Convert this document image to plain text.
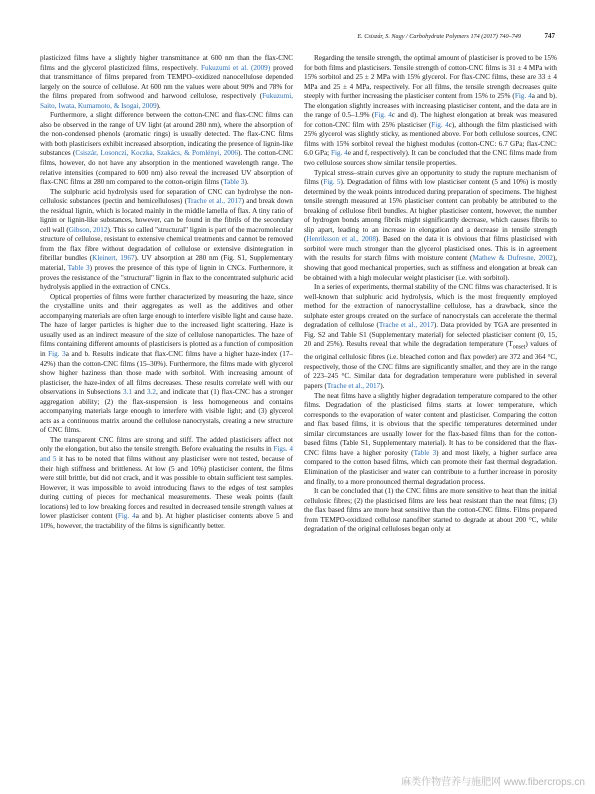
E. Csiszár, S. Nagy / Carbohydrate Polymers 174 (2017) 740–749	747

plasticized films have a slightly higher transmittance at 600 nm than the flax-CNC films and the glycerol plasticized films, respectively. Fukuzumi et al. (2009) proved that transmittance of films prepared from TEMPO–oxidized nanocellulose depended largely on the source of cellulose. At 600 nm the values were about 90% and 78% for the films prepared from softwood and harwood cellulose, respectively (Fukuzumi, Saito, Iwata, Kumamoto, & Isogai, 2009).

Furthermore, a slight difference between the cotton-CNC and flax-CNC films can also be observed in the range of UV light (at around 280 nm), where the absorption of the non-condensed phenols (aromatic rings) is usually detected. The flax-CNC films with both plasticisers exhibit increased absorption, indicating the presence of lignin-like substances (Csiszár, Losonczi, Koczka, Szakács, & Pomlényi, 2006). The cotton-CNC films, however, do not have any absorption in the mentioned wavelength range. The relative intensities (compared to 600 nm) also reveal the increased UV absorption of flax-CNC films at 280 nm compared to the cotton-origin films (Table 3).

The sulphuric acid hydrolysis used for separation of CNC can hydrolyse the non-cellulosic substances (pectin and hemicelluloses) (Trache et al., 2017) and break down the residual lignin, which is located mainly in the middle lamella of flax. A tiny ratio of lignin or lignin-like substances, however, can be found in the fibrils of the secondary cell wall (Gibson, 2012). This so called "structural" lignin is part of the macromolecular structure of cellulose, resistant to extensive chemical treatments and cannot be removed from the flax fibre without degradation of cellulose or extensive disintegration in fibrillar bundles (Kleinert, 1967). UV absorption at 280 nm (Fig. S1, Supplementary material, Table 3) proves the presence of this type of lignin in CNCs. Furthermore, it proves the resistance of the "structural" lignin in flax to the concentrated sulphuric acid hydrolysis applied in the extraction of CNCs.

Optical properties of films were further characterized by measuring the haze, since the crystalline units and their aggregates as well as the additives and other accompanying materials are often large enough to interfere visible light and cause haze. The haze of larger particles is higher due to the increased light scattering. Haze is usually used as an indirect measure of the size of cellulose nanoparticles. The haze of films containing different amounts of plasticisers is plotted as a function of composition in Fig. 3a and b. Results indicate that flax-CNC films have a higher haze-index (17–42%) than the cotton-CNC films (15–30%). Furthermore, the films made with glycerol show higher haziness than those made with sorbitol. With increasing amount of plasticiser, the haze-index of all films decreases. These results correlate well with our observations in Subsections 3.1 and 3.2, and indicate that (1) flax-CNC has a stronger aggregation ability; (2) the flax-suspension is less homogeneous and contains accompanying materials large enough to interfere with visible light; and (3) glycerol acts as a continuous matrix around the cellulose nanocrystals, creating a new structure of CNC films.

The transparent CNC films are strong and stiff. The added plasticisers affect not only the elongation, but also the tensile strength. Before evaluating the results in Figs. 4 and 5 it has to be noted that films without any plasticiser were not tested, because of their high stiffness and brittleness. At low (5 and 10%) plasticiser content, the films were still brittle, but did not crack, and it was possible to obtain sufficient test samples. However, it was impossible to avoid introducing flaws to the edges of test samples during cutting of pieces for mechanical measurements. These weak points (fault locations) led to low breaking forces and resulted in decreased tensile strength values at lower plasticiser content (Fig. 4a and b). At higher plasticiser contents above 5 and 10%, however, the tractability of the films is significantly better.

Regarding the tensile strength, the optimal amount of plasticiser is proved to be 15% for both films and plasticisers. Tensile strength of cotton-CNC films is 31 ± 4 MPa with 15% sorbitol and 25 ± 2 MPa with 15% glycerol. For flax-CNC films, these are 33 ± 4 MPa and 25 ± 4 MPa, respectively. For all films, the tensile strength decreases quite steeply with further increasing the plasticiser content from 15% to 25% (Fig. 4a and b). The elongation slightly increases with increasing plasticiser content, and the data are in the range of 0.5–1.9% (Fig. 4c and d). The highest elongation at break was measured for cotton-CNC film with 25% plasticiser (Fig. 4c), although the film plasticised with 25% glycerol was slightly sticky, as mentioned above. For both cellulose sources, CNC films with 15% sorbitol reveal the highest modulus (cotton-CNC: 6.7 GPa; flax-CNC: 6.0 GPa; Fig. 4e and f, respectively). It can be concluded that the CNC films made from two cellulose sources show similar tensile properties.

Typical stress–strain curves give an opportunity to study the rupture mechanism of films (Fig. 5). Degradation of films with low plasticiser content (5 and 10%) is mostly determined by the weak points introduced during preparation of specimens. The highest tensile strength measured at 15% plasticiser content can probably be attributed to the breaking of cellulose fibril bundles. At higher plasticiser content, however, the number of hydrogen bonds among fibrils might significantly decrease, which causes fibrils to slip apart, leading to an increase in elongation and a decrease in tensile strength (Henriksson et al., 2008). Based on the data it is obvious that films plasticised with sorbitol were much stronger than the glycerol plasticised ones. This is in agreement with the results for starch films with moisture content (Mathew & Dufresne, 2002), showing that good mechanical properties, such as stiffness and elongation at break can be obtained with a high molecular weight plasticiser (i.e. with sorbitol).

In a series of experiments, thermal stability of the CNC films was characterised. It is well-known that sulphuric acid hydrolysis, which is the most frequently employed method for the extraction of nanocrystalline cellulose, has a drawback, since the sulphate ester groups created on the surface of nanocrystals can accelerate the thermal degradation of cellulose (Trache et al., 2017). Data provided by TGA are presented in Fig. S2 and Table S1 (Supplementary material) for selected plasticiser content (0, 15, 20 and 25%). Results reveal that while the degradation temperature $(T_{onset})$ values of the original cellulosic fibres (i.e. bleached cotton and flax powder) are 372 and 364 °C, respectively, those of the CNC films are significantly smaller, and they are in the range of 223–245 °C. Similar data for degradation temperature were published in several papers (Trache et al., 2017).

The neat films have a slightly higher degradation temperature compared to the other films. Degradation of the plasticised films starts at lower temperature, which corresponds to the evaporation of water content and plasticiser. Comparing the cotton and flax based films, it is obvious that the specific temperatures determined under similar circumstances are usually lower for the flax-based films than for the cotton-based films (Table S1, Supplementary material). It has to be considered that the flax-CNC films have a higher porosity (Table 3) and most likely, a higher surface area compared to the cotton based films, which can promote their fast thermal degradation. Elimination of the plasticiser and water can contribute to a further increase in porosity and finally, to a more pronounced thermal degradation process.

It can be concluded that (1) the CNC films are more sensitive to heat than the initial cellulosic fibres; (2) the plasticised films are less heat resistant than the neat films; (3) the flax based films are more heat sensitive than the cotton-CNC films. Films prepared from TEMPO-oxidized cellulose nanofiber started to degrade at about 200 °C, while degradation of the original celluloses began only at

麻类作物营养与施肥网 www.fibercrops.cn
